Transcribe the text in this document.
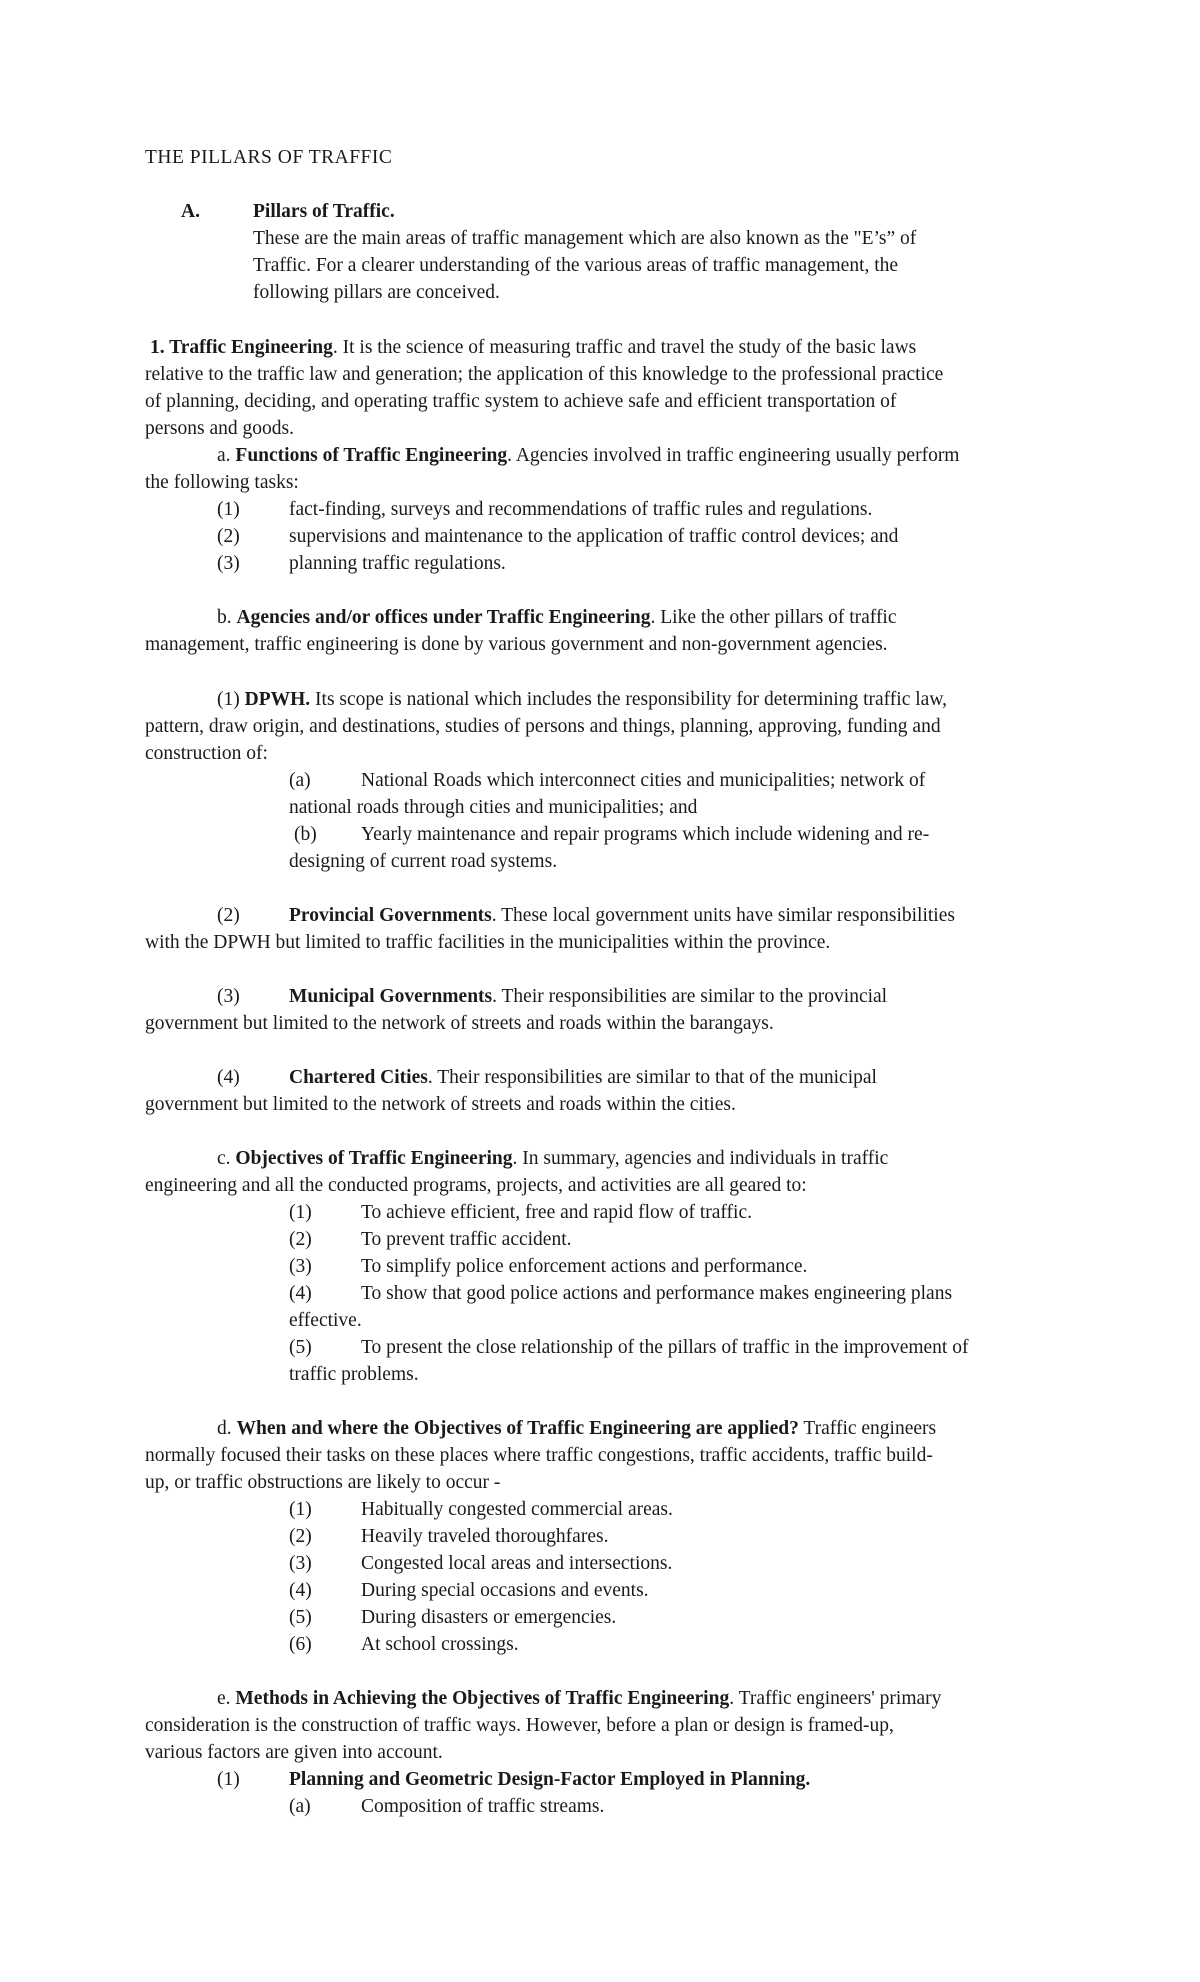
THE PILLARS OF TRAFFIC
A.	Pillars of Traffic.
These are the main areas of traffic management which are also known as the "E’s” of
Traffic. For a clearer understanding of the various areas of traffic management, the
following pillars are conceived.
1. Traffic Engineering. It is the science of measuring traffic and travel the study of the basic laws
relative to the traffic law and generation; the application of this knowledge to the professional practice
of planning, deciding, and operating traffic system to achieve safe and efficient transportation of
persons and goods.
a. Functions of Traffic Engineering. Agencies involved in traffic engineering usually perform
the following tasks:
(1)	fact-finding, surveys and recommendations of traffic rules and regulations.
(2)	supervisions and maintenance to the application of traffic control devices; and
(3)	planning traffic regulations.
b. Agencies and/or offices under Traffic Engineering. Like the other pillars of traffic
management, traffic engineering is done by various government and non-government agencies.
(1) DPWH. Its scope is national which includes the responsibility for determining traffic law,
pattern, draw origin, and destinations, studies of persons and things, planning, approving, funding and
construction of:
(a)	National Roads which interconnect cities and municipalities; network of
national roads through cities and municipalities; and
(b) Yearly maintenance and repair programs which include widening and re-
designing of current road systems.
(2)	Provincial Governments. These local government units have similar responsibilities
with the DPWH but limited to traffic facilities in the municipalities within the province.
(3)	Municipal Governments. Their responsibilities are similar to the provincial
government but limited to the network of streets and roads within the barangays.
(4)	Chartered Cities. Their responsibilities are similar to that of the municipal
government but limited to the network of streets and roads within the cities.
c. Objectives of Traffic Engineering. In summary, agencies and individuals in traffic
engineering and all the conducted programs, projects, and activities are all geared to:
(1)	To achieve efficient, free and rapid flow of traffic.
(2)	To prevent traffic accident.
(3)	To simplify police enforcement actions and performance.
(4)	To show that good police actions and performance makes engineering plans
effective.
(5)	To present the close relationship of the pillars of traffic in the improvement of
traffic problems.
d. When and where the Objectives of Traffic Engineering are applied? Traffic engineers
normally focused their tasks on these places where traffic congestions, traffic accidents, traffic build-
up, or traffic obstructions are likely to occur -
(1)	Habitually congested commercial areas.
(2)	Heavily traveled thoroughfares.
(3)	Congested local areas and intersections.
(4)	During special occasions and events.
(5)	During disasters or emergencies.
(6)	At school crossings.
e. Methods in Achieving the Objectives of Traffic Engineering. Traffic engineers' primary
consideration is the construction of traffic ways. However, before a plan or design is framed-up,
various factors are given into account.
(1)	Planning and Geometric Design-Factor Employed in Planning.
(a)	Composition of traffic streams.
